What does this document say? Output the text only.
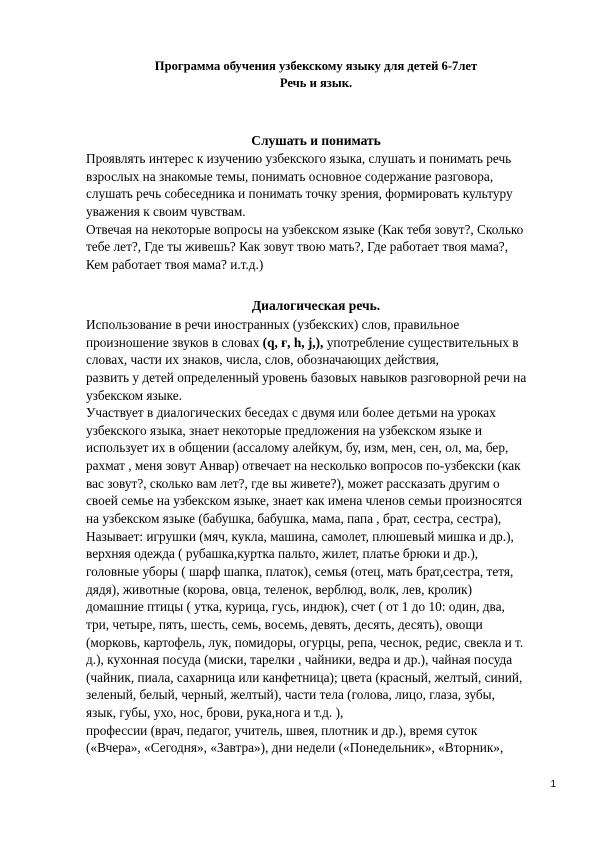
Программа обучения узбекскому языку для детей 6-7лет
Речь и язык.
Слушать и понимать
Проявлять интерес к изучению узбекского языка, слушать и понимать речь
взрослых на знакомые темы, понимать основное содержание разговора,
слушать речь собеседника и понимать точку зрения, формировать культуру
уважения к своим чувствам.
Отвечая на некоторые вопросы на узбекском языке (Как тебя зовут?, Сколько
тебе лет?, Где ты живешь? Как зовут твою мать?, Где работает твоя мама?,
Кем работает твоя мама? и.т.д.)
Диалогическая речь.
Использование в речи иностранных (узбекских) слов, правильное
произношение звуков в словах (q, ғ, h, j,), употребление существительных в
словах, части их знаков, числа, слов, обозначающих действия,
развить у детей определенный уровень базовых навыков разговорной речи на
узбекском языке.
Участвует в диалогических беседах с двумя или более детьми на уроках
узбекского языка, знает некоторые предложения на узбекском языке и
использует их в общении (ассалому алейкум, бу, изм, мен, сен, ол, ма, бер,
рахмат , меня зовут Анвар) отвечает на несколько вопросов по-узбекски (как
вас зовут?, сколько вам лет?, где вы живете?), может рассказать другим о
своей семье на узбекском языке, знает как имена членов семьи произносятся
на узбекском языке (бабушка, бабушка, мама, папа , брат, сестра, сестра),
Называет: игрушки (мяч, кукла, машина, самолет, плюшевый мишка и др.),
верхняя одежда ( рубашка,куртка пальто, жилет, платье брюки и др.),
головные уборы ( шарф шапка, платок), семья (отец, мать брат,сестра, тетя,
дядя), животные (корова, овца, теленок, верблюд, волк, лев, кролик)
домашние птицы ( утка, курица, гусь, индюк), счет ( от 1 до 10: один, два,
три, четыре, пять, шесть, семь, восемь, девять, десять, десять), овощи
(морковь, картофель, лук, помидоры, огурцы, репа, чеснок, редис, свекла и т.
д.), кухонная посуда (миски, тарелки , чайники, ведра и др.), чайная посуда
(чайник, пиала, сахарница или канфетница); цвета (красный, желтый, синий,
зеленый, белый, черный, желтый), части тела (голова, лицо, глаза, зубы,
язык, губы, ухо, нос, брови, рука,нога и т.д. ),
профессии (врач, педагог, учитель, швея, плотник и др.), время суток
(«Вчера», «Сегодня», «Завтра»), дни недели («Понедельник», «Вторник»,
1
